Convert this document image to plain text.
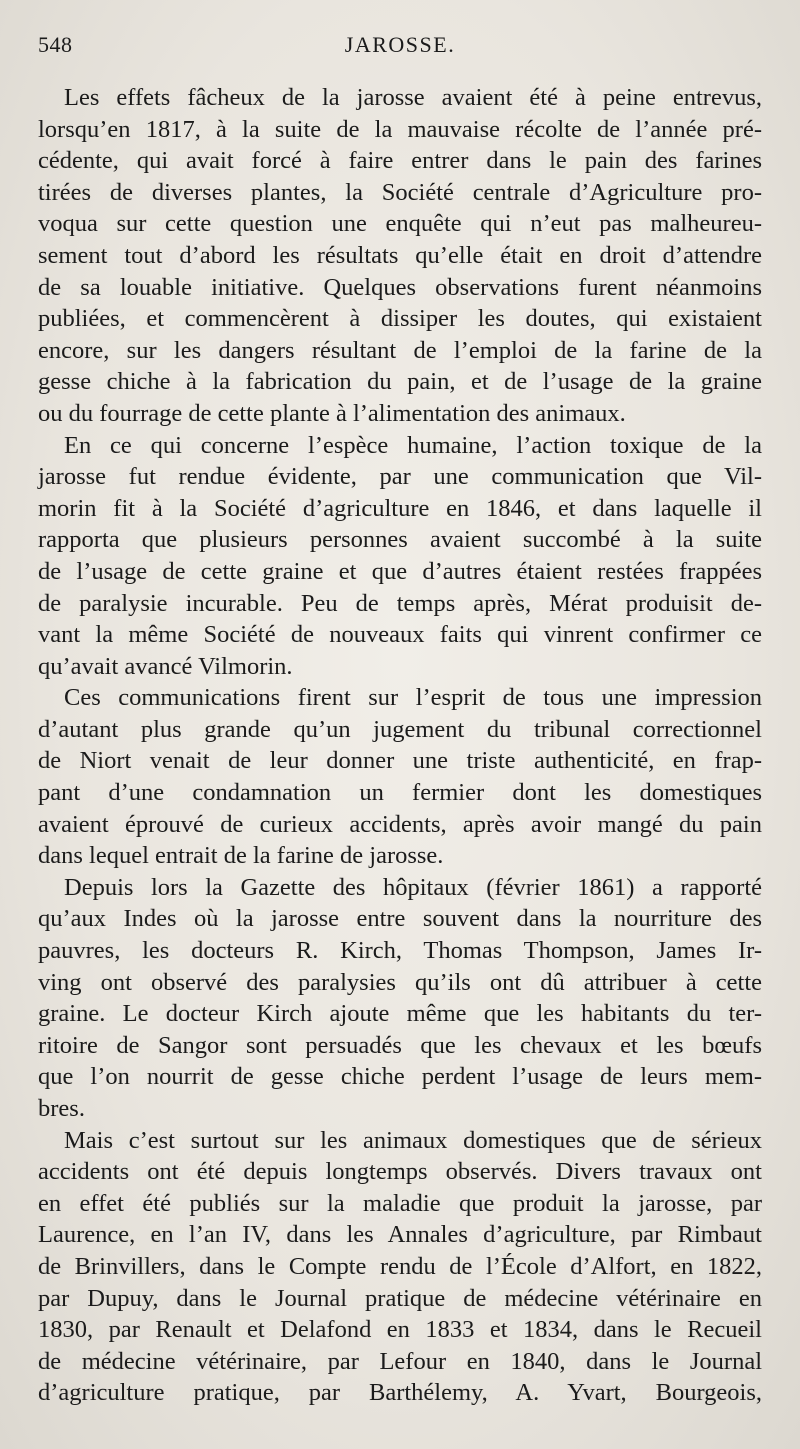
548	JAROSSE.
Les effets fâcheux de la jarosse avaient été à peine entrevus,
lorsqu’en 1817, à la suite de la mauvaise récolte de l’année pré-
cédente, qui avait forcé à faire entrer dans le pain des farines
tirées de diverses plantes, la Société centrale d’Agriculture pro-
voqua sur cette question une enquête qui n’eut pas malheureu-
sement tout d’abord les résultats qu’elle était en droit d’attendre
de sa louable initiative. Quelques observations furent néanmoins
publiées, et commencèrent à dissiper les doutes, qui existaient
encore, sur les dangers résultant de l’emploi de la farine de la
gesse chiche à la fabrication du pain, et de l’usage de la graine
ou du fourrage de cette plante à l’alimentation des animaux.
En ce qui concerne l’espèce humaine, l’action toxique de la
jarosse fut rendue évidente, par une communication que Vil-
morin fit à la Société d’agriculture en 1846, et dans laquelle il
rapporta que plusieurs personnes avaient succombé à la suite
de l’usage de cette graine et que d’autres étaient restées frappées
de paralysie incurable. Peu de temps après, Mérat produisit de-
vant la même Société de nouveaux faits qui vinrent confirmer ce
qu’avait avancé Vilmorin.
Ces communications firent sur l’esprit de tous une impression
d’autant plus grande qu’un jugement du tribunal correctionnel
de Niort venait de leur donner une triste authenticité, en frap-
pant d’une condamnation un fermier dont les domestiques
avaient éprouvé de curieux accidents, après avoir mangé du pain
dans lequel entrait de la farine de jarosse.
Depuis lors la Gazette des hôpitaux (février 1861) a rapporté
qu’aux Indes où la jarosse entre souvent dans la nourriture des
pauvres, les docteurs R. Kirch, Thomas Thompson, James Ir-
ving ont observé des paralysies qu’ils ont dû attribuer à cette
graine. Le docteur Kirch ajoute même que les habitants du ter-
ritoire de Sangor sont persuadés que les chevaux et les bœufs
que l’on nourrit de gesse chiche perdent l’usage de leurs mem-
bres.
Mais c’est surtout sur les animaux domestiques que de sérieux
accidents ont été depuis longtemps observés. Divers travaux ont
en effet été publiés sur la maladie que produit la jarosse, par
Laurence, en l’an IV, dans les Annales d’agriculture, par Rimbaut
de Brinvillers, dans le Compte rendu de l’École d’Alfort, en 1822,
par Dupuy, dans le Journal pratique de médecine vétérinaire en
1830, par Renault et Delafond en 1833 et 1834, dans le Recueil
de médecine vétérinaire, par Lefour en 1840, dans le Journal
d’agriculture pratique, par Barthélemy, A. Yvart, Bourgeois,
